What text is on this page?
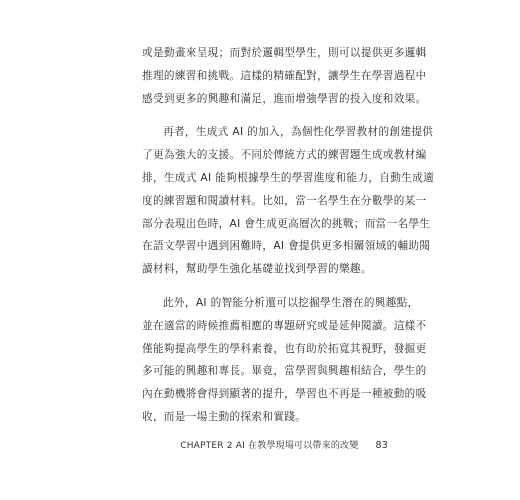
或是動畫來呈現；而對於邏輯型學生，則可以提供更多邏輯
推理的練習和挑戰。這樣的精確配對，讓學生在學習過程中
感受到更多的興趣和滿足，進而增強學習的投入度和效果。
再者，生成式 AI 的加入，為個性化學習教材的創建提供
了更為強大的支援。不同於傳統方式的練習題生成或教材編
排，生成式 AI 能夠根據學生的學習進度和能力，自動生成適
度的練習題和閱讀材料。比如，當一名學生在分數學的某一
部分表現出色時，AI 會生成更高層次的挑戰；而當一名學生
在語文學習中遇到困難時，AI 會提供更多相關領域的輔助閱
讀材料，幫助學生強化基礎並找到學習的樂趣。
此外，AI 的智能分析還可以挖掘學生潛在的興趣點，
並在適當的時候推薦相應的專題研究或是延伸閱讀。這樣不
僅能夠提高學生的學科素養，也有助於拓寬其視野，發掘更
多可能的興趣和專長。畢竟，當學習與興趣相結合，學生的
內在動機將會得到顯著的提升，學習也不再是一種被動的吸
收，而是一場主動的探索和實踐。
CHAPTER 2 AI 在教學現場可以帶來的改變 83
